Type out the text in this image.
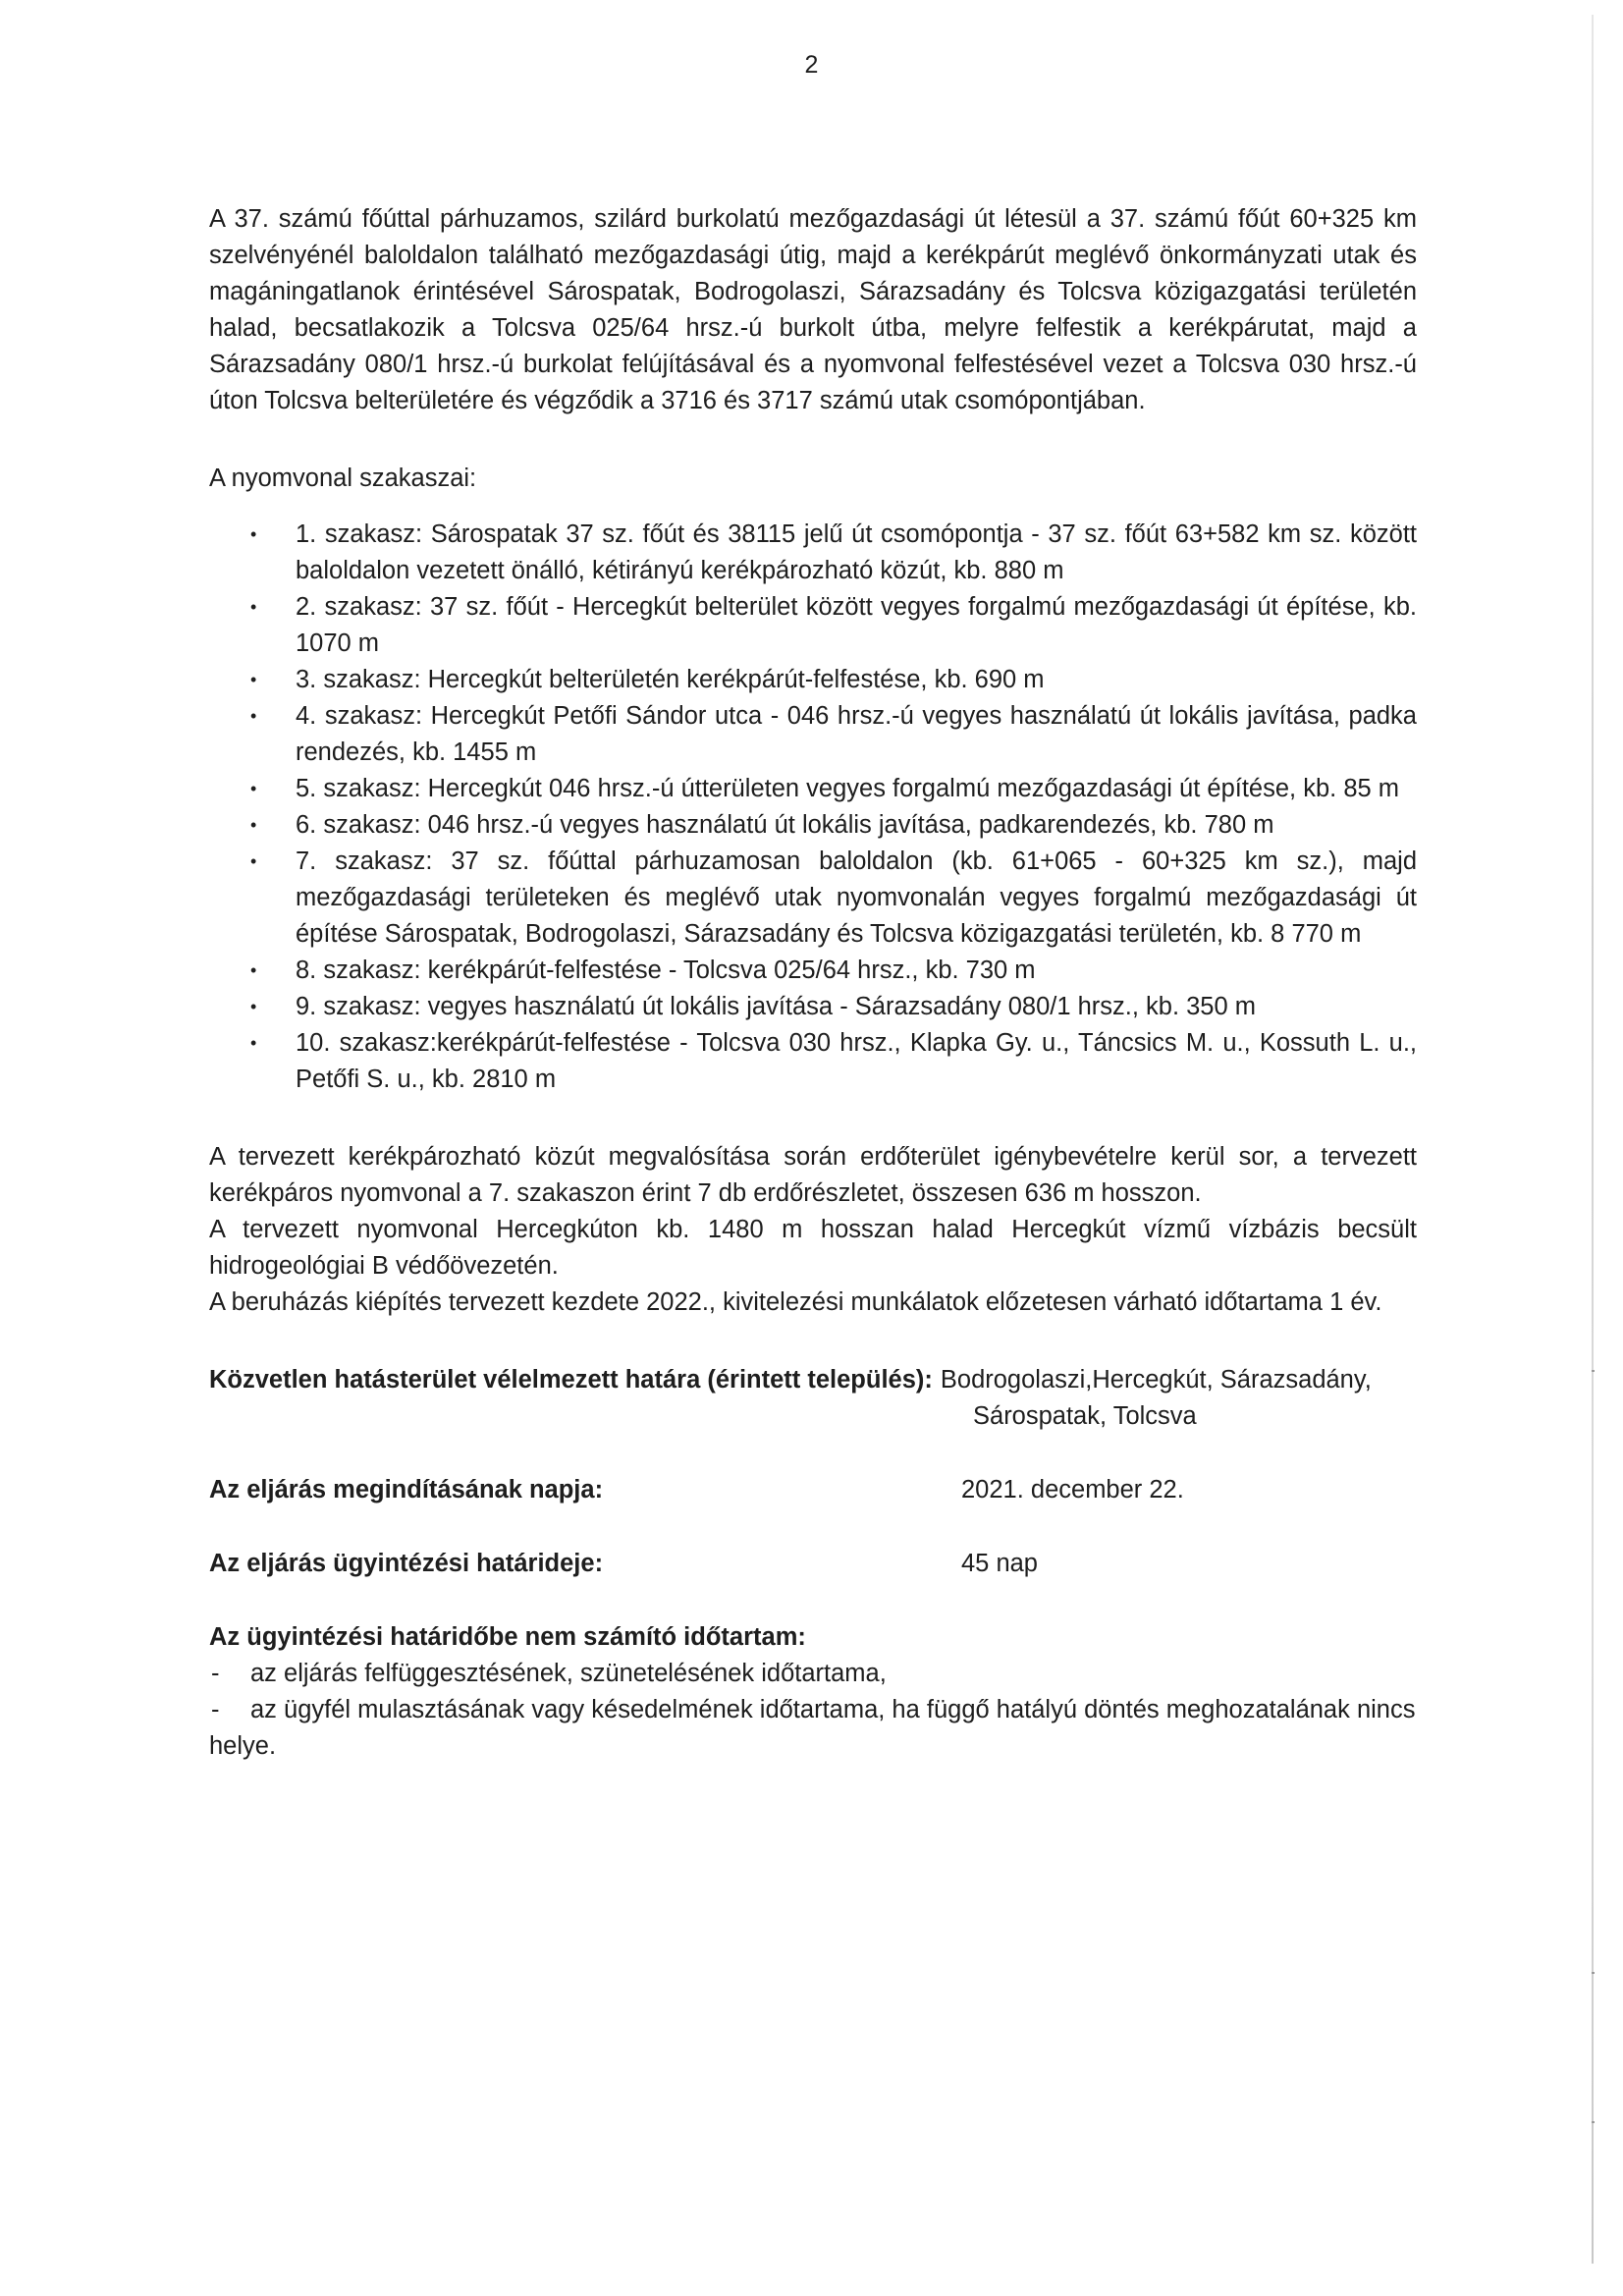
2

A 37. számú főúttal párhuzamos, szilárd burkolatú mezőgazdasági út létesül a 37. számú főút 60+325 km szelvényénél baloldalon található mezőgazdasági útig, majd a kerékpárút meglévő önkormányzati utak és magáningatlanok érintésével Sárospatak, Bodrogolaszi, Sárazsadány és Tolcsva közigazgatási területén halad, becsatlakozik a Tolcsva 025/64 hrsz.-ú burkolt útba, melyre felfestik a kerékpárutat, majd a Sárazsadány 080/1 hrsz.-ú burkolat felújításával és a nyomvonal felfestésével vezet a Tolcsva 030 hrsz.-ú úton Tolcsva belterületére és végződik a 3716 és 3717 számú utak csomópontjában.

A nyomvonal szakaszai:

• 1. szakasz: Sárospatak 37 sz. főút és 38115 jelű út csomópontja - 37 sz. főút 63+582 km sz. között baloldalon vezetett önálló, kétirányú kerékpározható közút, kb. 880 m
• 2. szakasz: 37 sz. főút - Hercegkút belterület között vegyes forgalmú mezőgazdasági út építése, kb. 1070 m
• 3. szakasz: Hercegkút belterületén kerékpárút-felfestése, kb. 690 m
• 4. szakasz: Hercegkút Petőfi Sándor utca - 046 hrsz.-ú vegyes használatú út lokális javítása, padka rendezés, kb. 1455 m
• 5. szakasz: Hercegkút 046 hrsz.-ú útterületen vegyes forgalmú mezőgazdasági út építése, kb. 85 m
• 6. szakasz: 046 hrsz.-ú vegyes használatú út lokális javítása, padkarendezés, kb. 780 m
• 7. szakasz: 37 sz. főúttal párhuzamosan baloldalon (kb. 61+065 - 60+325 km sz.), majd mezőgazdasági területeken és meglévő utak nyomvonalán vegyes forgalmú mezőgazdasági út építése Sárospatak, Bodrogolaszi, Sárazsadány és Tolcsva közigazgatási területén, kb. 8 770 m
• 8. szakasz: kerékpárút-felfestése - Tolcsva 025/64 hrsz., kb. 730 m
• 9. szakasz: vegyes használatú út lokális javítása - Sárazsadány 080/1 hrsz., kb. 350 m
• 10. szakasz:kerékpárút-felfestése - Tolcsva 030 hrsz., Klapka Gy. u., Táncsics M. u., Kossuth L. u., Petőfi S. u., kb. 2810 m

A tervezett kerékpározható közút megvalósítása során erdőterület igénybevételre kerül sor, a tervezett kerékpáros nyomvonal a 7. szakaszon érint 7 db erdőrészletet, összesen 636 m hosszon.

A tervezett nyomvonal Hercegkúton kb. 1480 m hosszan halad Hercegkút vízmű vízbázis becsült hidrogeológiai B védőövezetén.

A beruházás kiépítés tervezett kezdete 2022., kivitelezési munkálatok előzetesen várható időtartama 1 év.

Közvetlen hatásterület vélelmezett határa (érintett település): Bodrogolaszi,Hercegkút, Sárazsadány,
Sárospatak, Tolcsva
Az eljárás megindításának napja:	2021. december 22.
Az eljárás ügyintézési határideje:	45 nap

Az ügyintézési határidőbe nem számító időtartam:

- az eljárás felfüggesztésének, szünetelésének időtartama,
- az ügyfél mulasztásának vagy késedelmének időtartama, ha függő hatályú döntés meghozatalának nincs helye.
